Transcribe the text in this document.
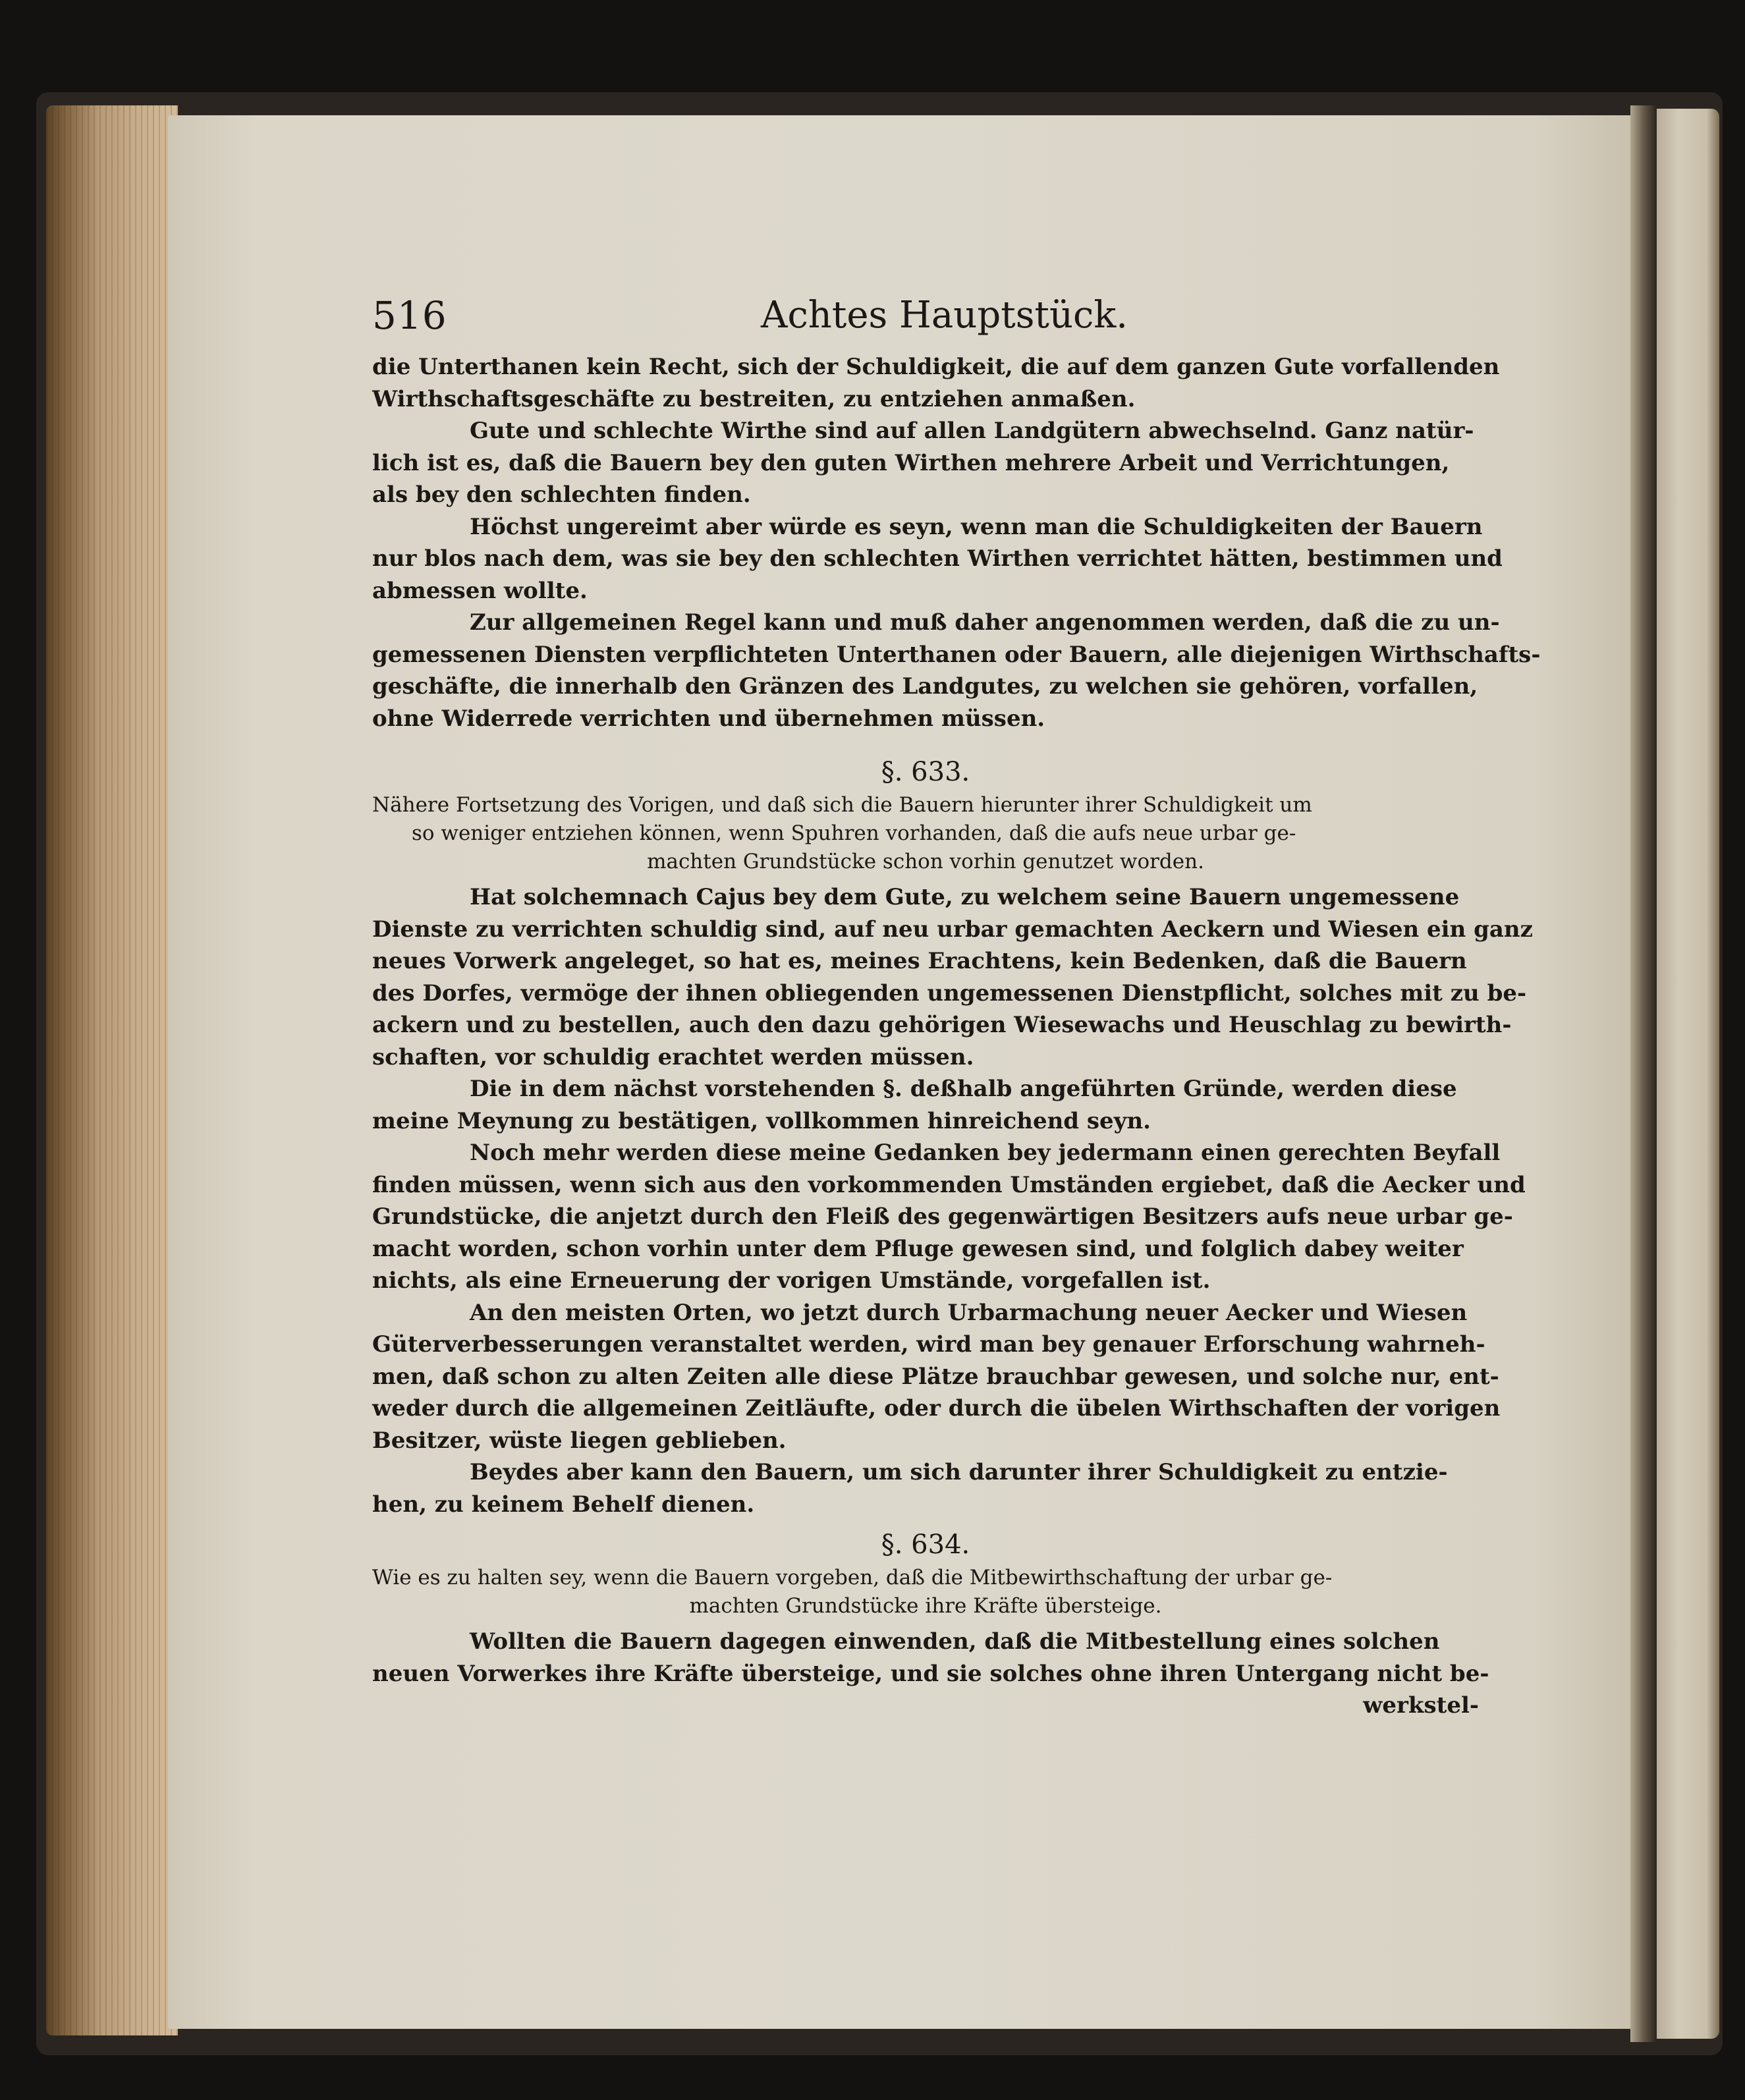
516	Achtes Hauptstück.
die Unterthanen kein Recht, sich der Schuldigkeit, die auf dem ganzen Gute vorfallenden
Wirthschaftsgeschäfte zu bestreiten, zu entziehen anmaßen.
Gute und schlechte Wirthe sind auf allen Landgütern abwechselnd. Ganz natür-
lich ist es, daß die Bauern bey den guten Wirthen mehrere Arbeit und Verrichtungen,
als bey den schlechten finden.
Höchst ungereimt aber würde es seyn, wenn man die Schuldigkeiten der Bauern
nur blos nach dem, was sie bey den schlechten Wirthen verrichtet hätten, bestimmen und
abmessen wollte.
Zur allgemeinen Regel kann und muß daher angenommen werden, daß die zu un-
gemessenen Diensten verpflichteten Unterthanen oder Bauern, alle diejenigen Wirthschafts-
geschäfte, die innerhalb den Gränzen des Landgutes, zu welchen sie gehören, vorfallen,
ohne Widerrede verrichten und übernehmen müssen.
§. 633.
Nähere Fortsetzung des Vorigen, und daß sich die Bauern hierunter ihrer Schuldigkeit um
so weniger entziehen können, wenn Spuhren vorhanden, daß die aufs neue urbar ge-
machten Grundstücke schon vorhin genutzet worden.
Hat solchemnach Cajus bey dem Gute, zu welchem seine Bauern ungemessene
Dienste zu verrichten schuldig sind, auf neu urbar gemachten Aeckern und Wiesen ein ganz
neues Vorwerk angeleget, so hat es, meines Erachtens, kein Bedenken, daß die Bauern
des Dorfes, vermöge der ihnen obliegenden ungemessenen Dienstpflicht, solches mit zu be-
ackern und zu bestellen, auch den dazu gehörigen Wiesewachs und Heuschlag zu bewirth-
schaften, vor schuldig erachtet werden müssen.
Die in dem nächst vorstehenden §. deßhalb angeführten Gründe, werden diese
meine Meynung zu bestätigen, vollkommen hinreichend seyn.
Noch mehr werden diese meine Gedanken bey jedermann einen gerechten Beyfall
finden müssen, wenn sich aus den vorkommenden Umständen ergiebet, daß die Aecker und
Grundstücke, die anjetzt durch den Fleiß des gegenwärtigen Besitzers aufs neue urbar ge-
macht worden, schon vorhin unter dem Pfluge gewesen sind, und folglich dabey weiter
nichts, als eine Erneuerung der vorigen Umstände, vorgefallen ist.
An den meisten Orten, wo jetzt durch Urbarmachung neuer Aecker und Wiesen
Güterverbesserungen veranstaltet werden, wird man bey genauer Erforschung wahrneh-
men, daß schon zu alten Zeiten alle diese Plätze brauchbar gewesen, und solche nur, ent-
weder durch die allgemeinen Zeitläufte, oder durch die übelen Wirthschaften der vorigen
Besitzer, wüste liegen geblieben.
Beydes aber kann den Bauern, um sich darunter ihrer Schuldigkeit zu entzie-
hen, zu keinem Behelf dienen.
§. 634.
Wie es zu halten sey, wenn die Bauern vorgeben, daß die Mitbewirthschaftung der urbar ge-
machten Grundstücke ihre Kräfte übersteige.
Wollten die Bauern dagegen einwenden, daß die Mitbestellung eines solchen
neuen Vorwerkes ihre Kräfte übersteige, und sie solches ohne ihren Untergang nicht be-
werkstel-
